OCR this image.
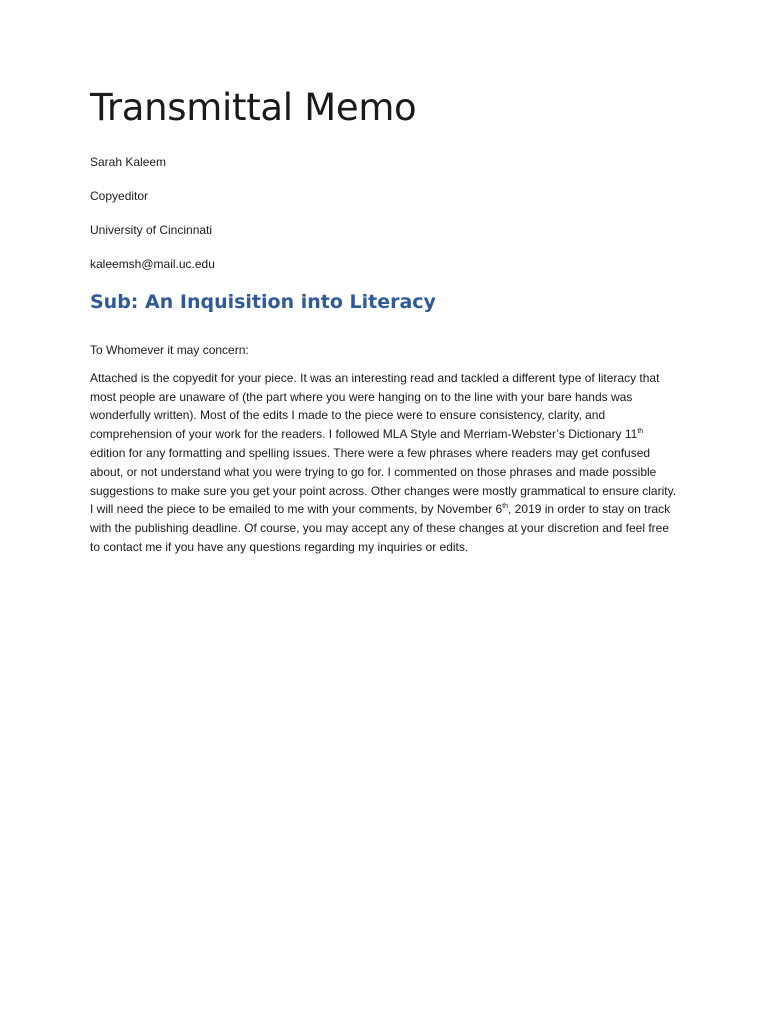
Transmittal Memo
Sarah Kaleem
Copyeditor
University of Cincinnati
kaleemsh@mail.uc.edu
Sub: An Inquisition into Literacy

To Whomever it may concern:

Attached is the copyedit for your piece. It was an interesting read and tackled a different type of literacy that most people are unaware of (the part where you were hanging on to the line with your bare hands was wonderfully written). Most of the edits I made to the piece were to ensure consistency, clarity, and comprehension of your work for the readers. I followed MLA Style and Merriam-Webster’s Dictionary 11th edition for any formatting and spelling issues. There were a few phrases where readers may get confused about, or not understand what you were trying to go for. I commented on those phrases and made possible suggestions to make sure you get your point across. Other changes were mostly grammatical to ensure clarity. I will need the piece to be emailed to me with your comments, by November 6th, 2019 in order to stay on track with the publishing deadline. Of course, you may accept any of these changes at your discretion and feel free to contact me if you have any questions regarding my inquiries or edits.
